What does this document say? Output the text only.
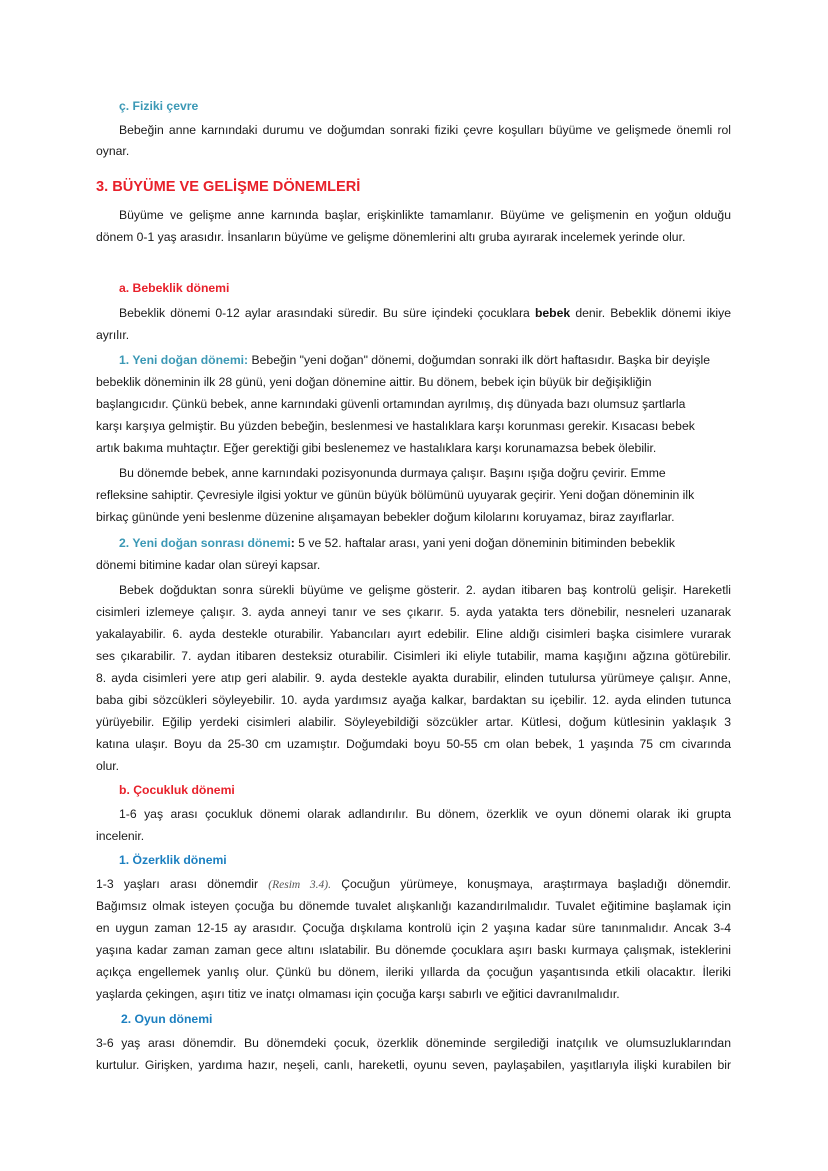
ç. Fiziki çevre
Bebeğin anne karnındaki durumu ve doğumdan sonraki fiziki çevre koşulları büyüme ve gelişmede önemli rol
oynar.
3. BÜYÜME VE GELİŞME DÖNEMLERİ
Büyüme ve gelişme anne karnında başlar, erişkinlikte tamamlanır. Büyüme ve gelişmenin en yoğun olduğu
dönem 0-1 yaş arasıdır. İnsanların büyüme ve gelişme dönemlerini altı gruba ayırarak incelemek yerinde olur.
a. Bebeklik dönemi
Bebeklik dönemi 0-12 aylar arasındaki süredir. Bu süre içindeki çocuklara bebek denir. Bebeklik dönemi ikiye
ayrılır.
1. Yeni doğan dönemi: Bebeğin "yeni doğan" dönemi, doğumdan sonraki ilk dört haftasıdır. Başka bir deyişle
bebeklik döneminin ilk 28 günü, yeni doğan dönemine aittir. Bu dönem, bebek için büyük bir değişikliğin
başlangıcıdır. Çünkü bebek, anne karnındaki güvenli ortamından ayrılmış, dış dünyada bazı olumsuz şartlarla
karşı karşıya gelmiştir. Bu yüzden bebeğin, beslenmesi ve hastalıklara karşı korunması gerekir. Kısacası bebek
artık bakıma muhtaçtır. Eğer gerektiği gibi beslenemez ve hastalıklara karşı korunamazsa bebek ölebilir.
Bu dönemde bebek, anne karnındaki pozisyonunda durmaya çalışır. Başını ışığa doğru çevirir. Emme
refleksine sahiptir. Çevresiyle ilgisi yoktur ve günün büyük bölümünü uyuyarak geçirir. Yeni doğan döneminin ilk
birkaç gününde yeni beslenme düzenine alışamayan bebekler doğum kilolarını koruyamaz, biraz zayıflarlar.
2. Yeni doğan sonrası dönemi: 5 ve 52. haftalar arası, yani yeni doğan döneminin bitiminden bebeklik
dönemi bitimine kadar olan süreyi kapsar.
Bebek doğduktan sonra sürekli büyüme ve gelişme gösterir. 2. aydan itibaren baş kontrolü gelişir. Hareketli
cisimleri izlemeye çalışır. 3. ayda anneyi tanır ve ses çıkarır. 5. ayda yatakta ters dönebilir, nesneleri uzanarak
yakalayabilir. 6. ayda destekle oturabilir. Yabancıları ayırt edebilir. Eline aldığı cisimleri başka cisimlere vurarak
ses çıkarabilir. 7. aydan itibaren desteksiz oturabilir. Cisimleri iki eliyle tutabilir, mama kaşığını ağzına götürebilir.
8. ayda cisimleri yere atıp geri alabilir. 9. ayda destekle ayakta durabilir, elinden tutulursa yürümeye çalışır. Anne,
baba gibi sözcükleri söyleyebilir. 10. ayda yardımsız ayağa kalkar, bardaktan su içebilir. 12. ayda elinden tutunca
yürüyebilir. Eğilip yerdeki cisimleri alabilir. Söyleyebildiği sözcükler artar. Kütlesi, doğum kütlesinin yaklaşık 3
katına ulaşır. Boyu da 25-30 cm uzamıştır. Doğumdaki boyu 50-55 cm olan bebek, 1 yaşında 75 cm civarında
olur.
b. Çocukluk dönemi
1-6 yaş arası çocukluk dönemi olarak adlandırılır. Bu dönem, özerklik ve oyun dönemi olarak iki grupta
incelenir.
1. Özerklik dönemi
1-3 yaşları arası dönemdir (Resim 3.4). Çocuğun yürümeye, konuşmaya, araştırmaya başladığı dönemdir.
Bağımsız olmak isteyen çocuğa bu dönemde tuvalet alışkanlığı kazandırılmalıdır. Tuvalet eğitimine başlamak için
en uygun zaman 12-15 ay arasıdır. Çocuğa dışkılama kontrolü için 2 yaşına kadar süre tanınmalıdır. Ancak 3-4
yaşına kadar zaman zaman gece altını ıslatabilir. Bu dönemde çocuklara aşırı baskı kurmaya çalışmak, isteklerini
açıkça engellemek yanlış olur. Çünkü bu dönem, ileriki yıllarda da çocuğun yaşantısında etkili olacaktır. İleriki
yaşlarda çekingen, aşırı titiz ve inatçı olmaması için çocuğa karşı sabırlı ve eğitici davranılmalıdır.
2. Oyun dönemi
3-6 yaş arası dönemdir. Bu dönemdeki çocuk, özerklik döneminde sergilediği inatçılık ve olumsuzluklarından
kurtulur. Girişken, yardıma hazır, neşeli, canlı, hareketli, oyunu seven, paylaşabilen, yaşıtlarıyla ilişki kurabilen bir
